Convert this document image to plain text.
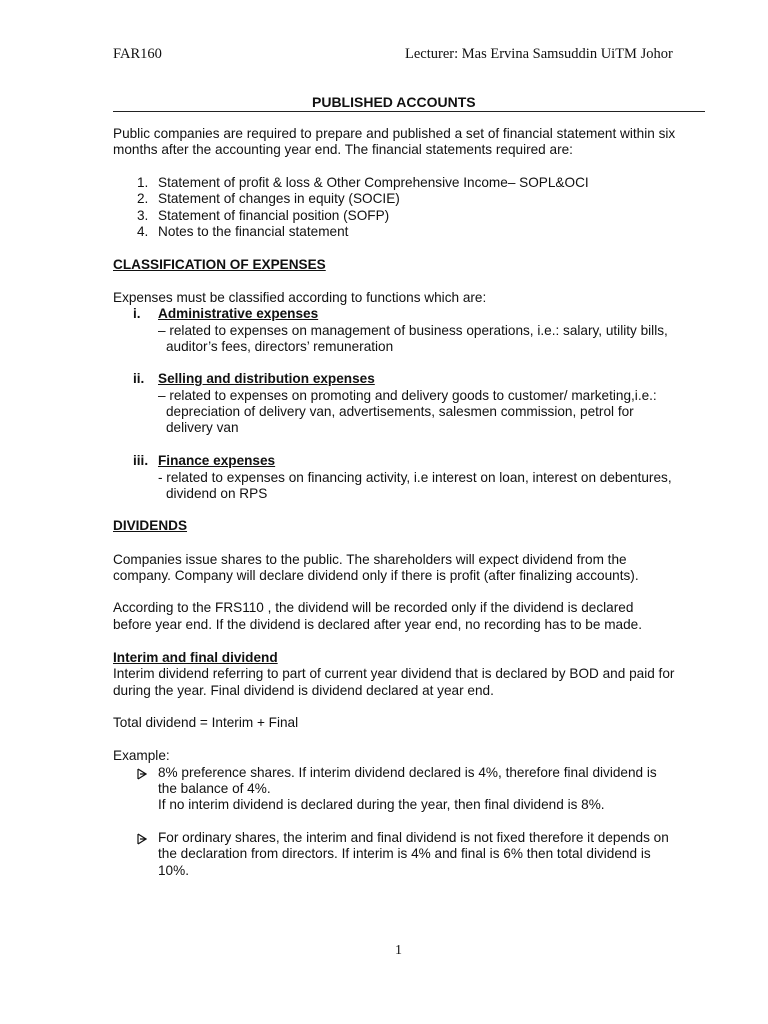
FAR160	Lecturer: Mas Ervina Samsuddin UiTM Johor
PUBLISHED ACCOUNTS
Public companies are required to prepare and published a set of financial statement within six
months after the accounting year end. The financial statements required are:
1. Statement of profit & loss & Other Comprehensive Income– SOPL&OCI
2. Statement of changes in equity (SOCIE)
3. Statement of financial position (SOFP)
4. Notes to the financial statement
CLASSIFICATION OF EXPENSES
Expenses must be classified according to functions which are:
i. Administrative expenses
– related to expenses on management of business operations, i.e.: salary, utility bills,
auditor’s fees, directors’ remuneration
ii. Selling and distribution expenses
– related to expenses on promoting and delivery goods to customer/ marketing,i.e.:
depreciation of delivery van, advertisements, salesmen commission, petrol for
delivery van
iii. Finance expenses
- related to expenses on financing activity, i.e interest on loan, interest on debentures,
dividend on RPS
DIVIDENDS
Companies issue shares to the public. The shareholders will expect dividend from the
company. Company will declare dividend only if there is profit (after finalizing accounts).
According to the FRS110 , the dividend will be recorded only if the dividend is declared
before year end. If the dividend is declared after year end, no recording has to be made.
Interim and final dividend
Interim dividend referring to part of current year dividend that is declared by BOD and paid for
during the year. Final dividend is dividend declared at year end.
Total dividend = Interim + Final
Example:
8% preference shares. If interim dividend declared is 4%, therefore final dividend is
the balance of 4%.
If no interim dividend is declared during the year, then final dividend is 8%.
For ordinary shares, the interim and final dividend is not fixed therefore it depends on
the declaration from directors. If interim is 4% and final is 6% then total dividend is
10%.
1
